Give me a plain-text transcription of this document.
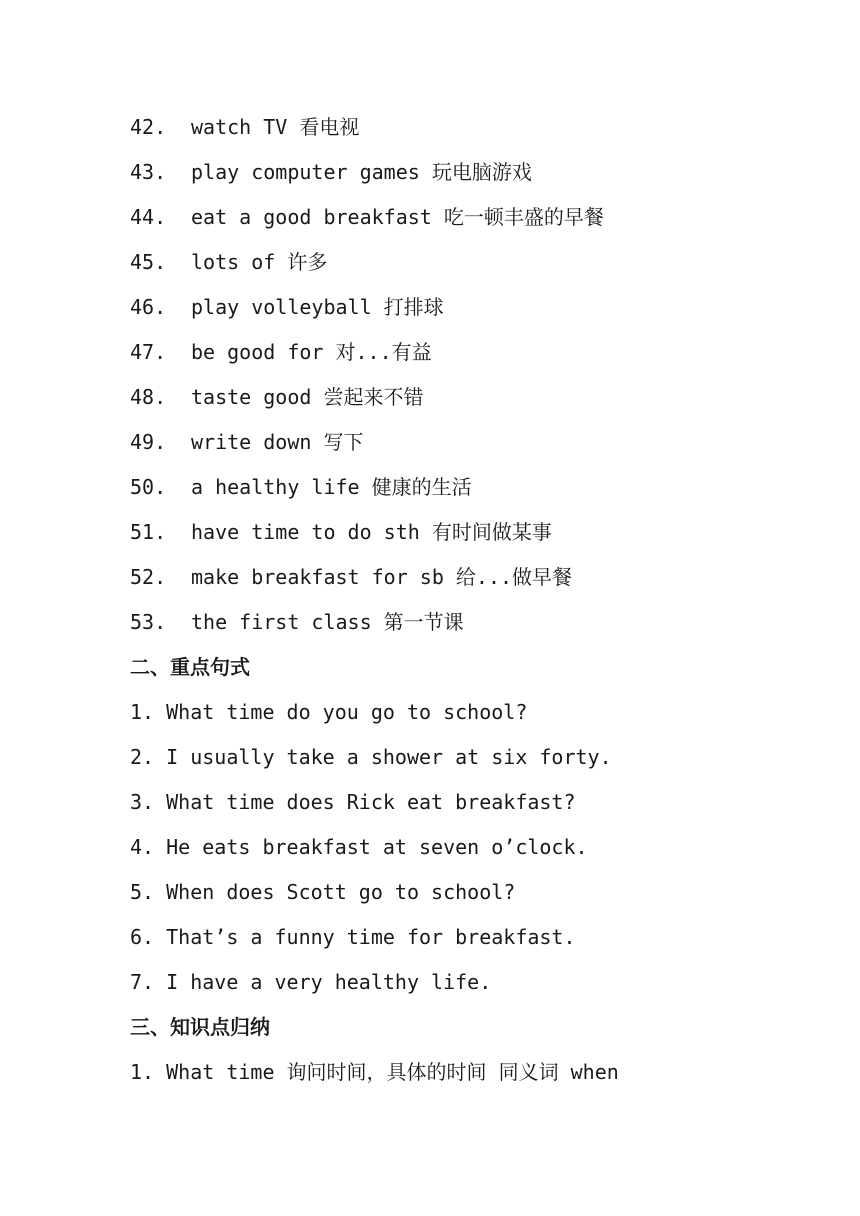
42. watch TV 看电视
43. play computer games 玩电脑游戏
44. eat a good breakfast 吃一顿丰盛的早餐
45. lots of 许多
46. play volleyball 打排球
47. be good for 对...有益
48. taste good 尝起来不错
49. write down 写下
50. a healthy life 健康的生活
51. have time to do sth 有时间做某事
52. make breakfast for sb 给...做早餐
53. the first class 第一节课
二、重点句式
1. What time do you go to school?
2. I usually take a shower at six forty.
3. What time does Rick eat breakfast?
4. He eats breakfast at seven o’clock.
5. When does Scott go to school?
6. That’s a funny time for breakfast.
7. I have a very healthy life.
三、知识点归纳
1. What time 询问时间，具体的时间 同义词 when
